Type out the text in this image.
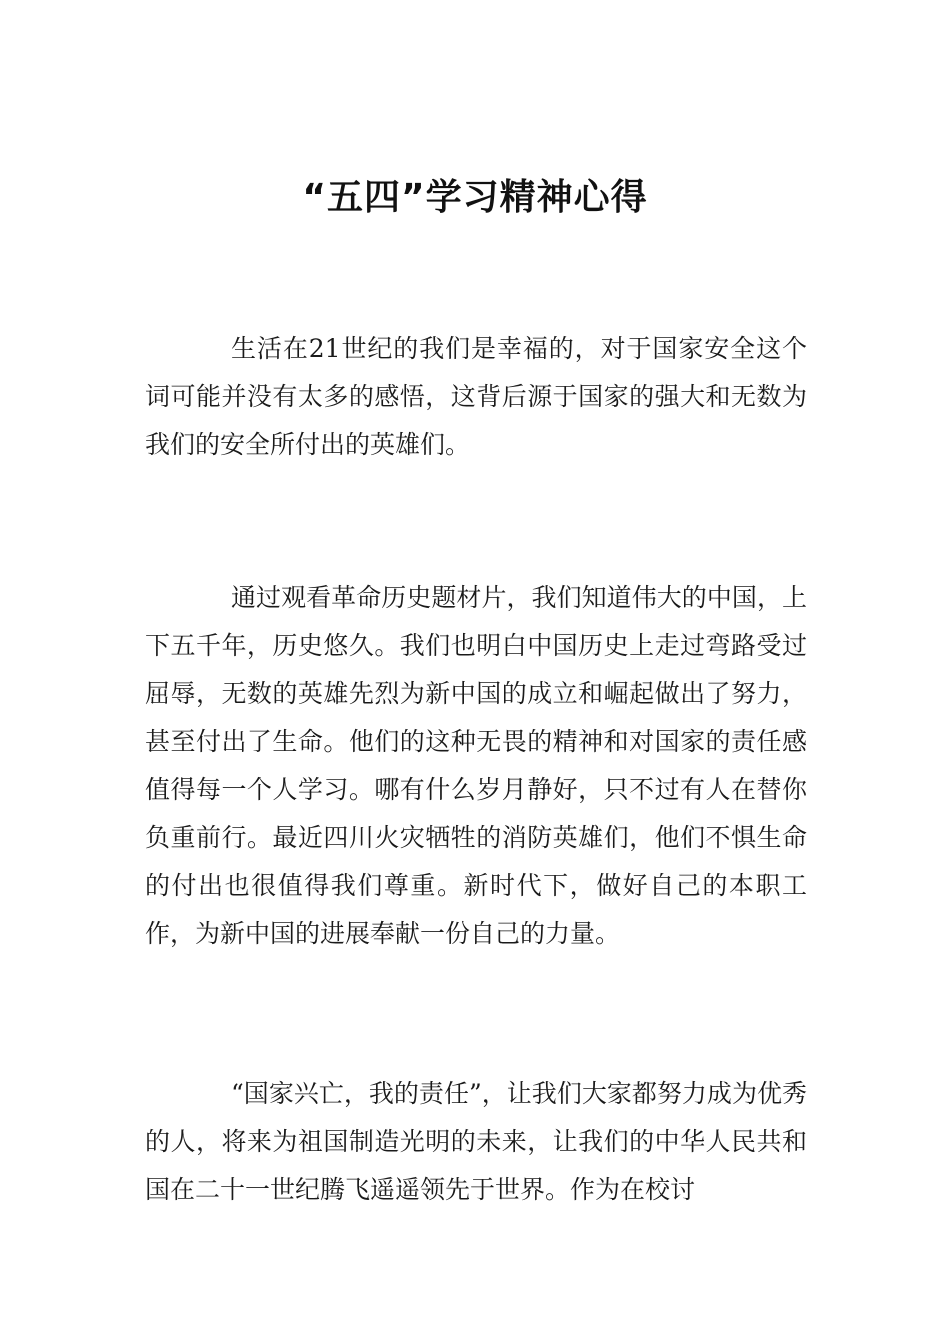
“五四”学习精神心得

生活在21世纪的我们是幸福的，对于国家安全这个词可能并没有太多的感悟，这背后源于国家的强大和无数为我们的安全所付出的英雄们。

通过观看革命历史题材片，我们知道伟大的中国，上下五千年，历史悠久。我们也明白中国历史上走过弯路受过屈辱，无数的英雄先烈为新中国的成立和崛起做出了努力，甚至付出了生命。他们的这种无畏的精神和对国家的责任感值得每一个人学习。哪有什么岁月静好，只不过有人在替你负重前行。最近四川火灾牺牲的消防英雄们，他们不惧生命的付出也很值得我们尊重。新时代下，做好自己的本职工作，为新中国的进展奉献一份自己的力量。

“国家兴亡，我的责任”，让我们大家都努力成为优秀的人，将来为祖国制造光明的未来，让我们的中华人民共和国在二十一世纪腾飞遥遥领先于世界。作为在校讨
